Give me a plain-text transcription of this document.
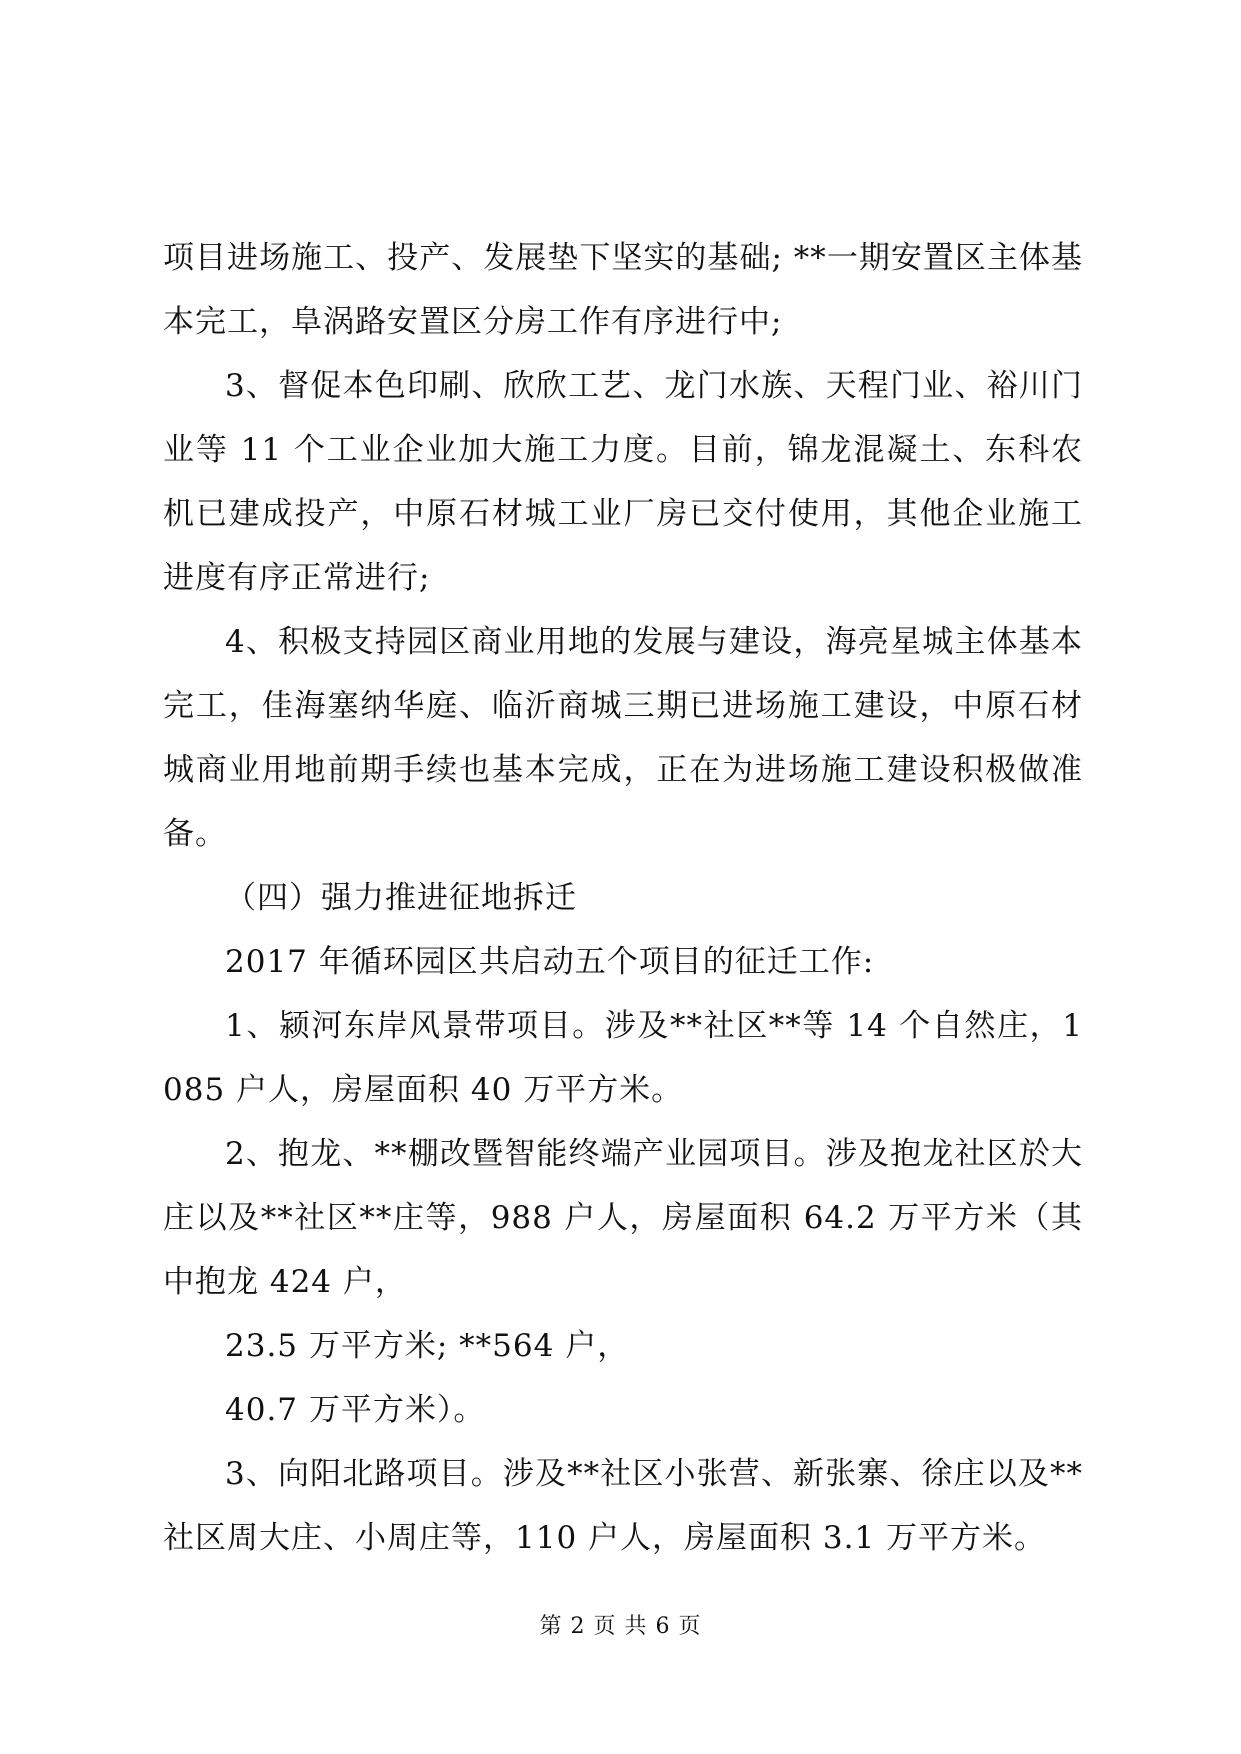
项目进场施工、投产、发展垫下坚实的基础; **一期安置区主体基本完工，阜涡路安置区分房工作有序进行中;

3、督促本色印刷、欣欣工艺、龙门水族、天程门业、裕川门业等 11 个工业企业加大施工力度。目前，锦龙混凝土、东科农机已建成投产，中原石材城工业厂房已交付使用，其他企业施工进度有序正常进行;

4、积极支持园区商业用地的发展与建设，海亮星城主体基本完工，佳海塞纳华庭、临沂商城三期已进场施工建设，中原石材城商业用地前期手续也基本完成，正在为进场施工建设积极做准备。

（四）强力推进征地拆迁

2017 年循环园区共启动五个项目的征迁工作:

1、颍河东岸风景带项目。涉及**社区**等 14 个自然庄，1085 户人，房屋面积 40 万平方米。

2、抱龙、**棚改暨智能终端产业园项目。涉及抱龙社区於大庄以及**社区**庄等，988 户人，房屋面积 64.2 万平方米（其中抱龙 424 户，

23.5 万平方米; **564 户，

40.7 万平方米）。

3、向阳北路项目。涉及**社区小张营、新张寨、徐庄以及**社区周大庄、小周庄等，110 户人，房屋面积 3.1 万平方米。

第 2 页 共 6 页
